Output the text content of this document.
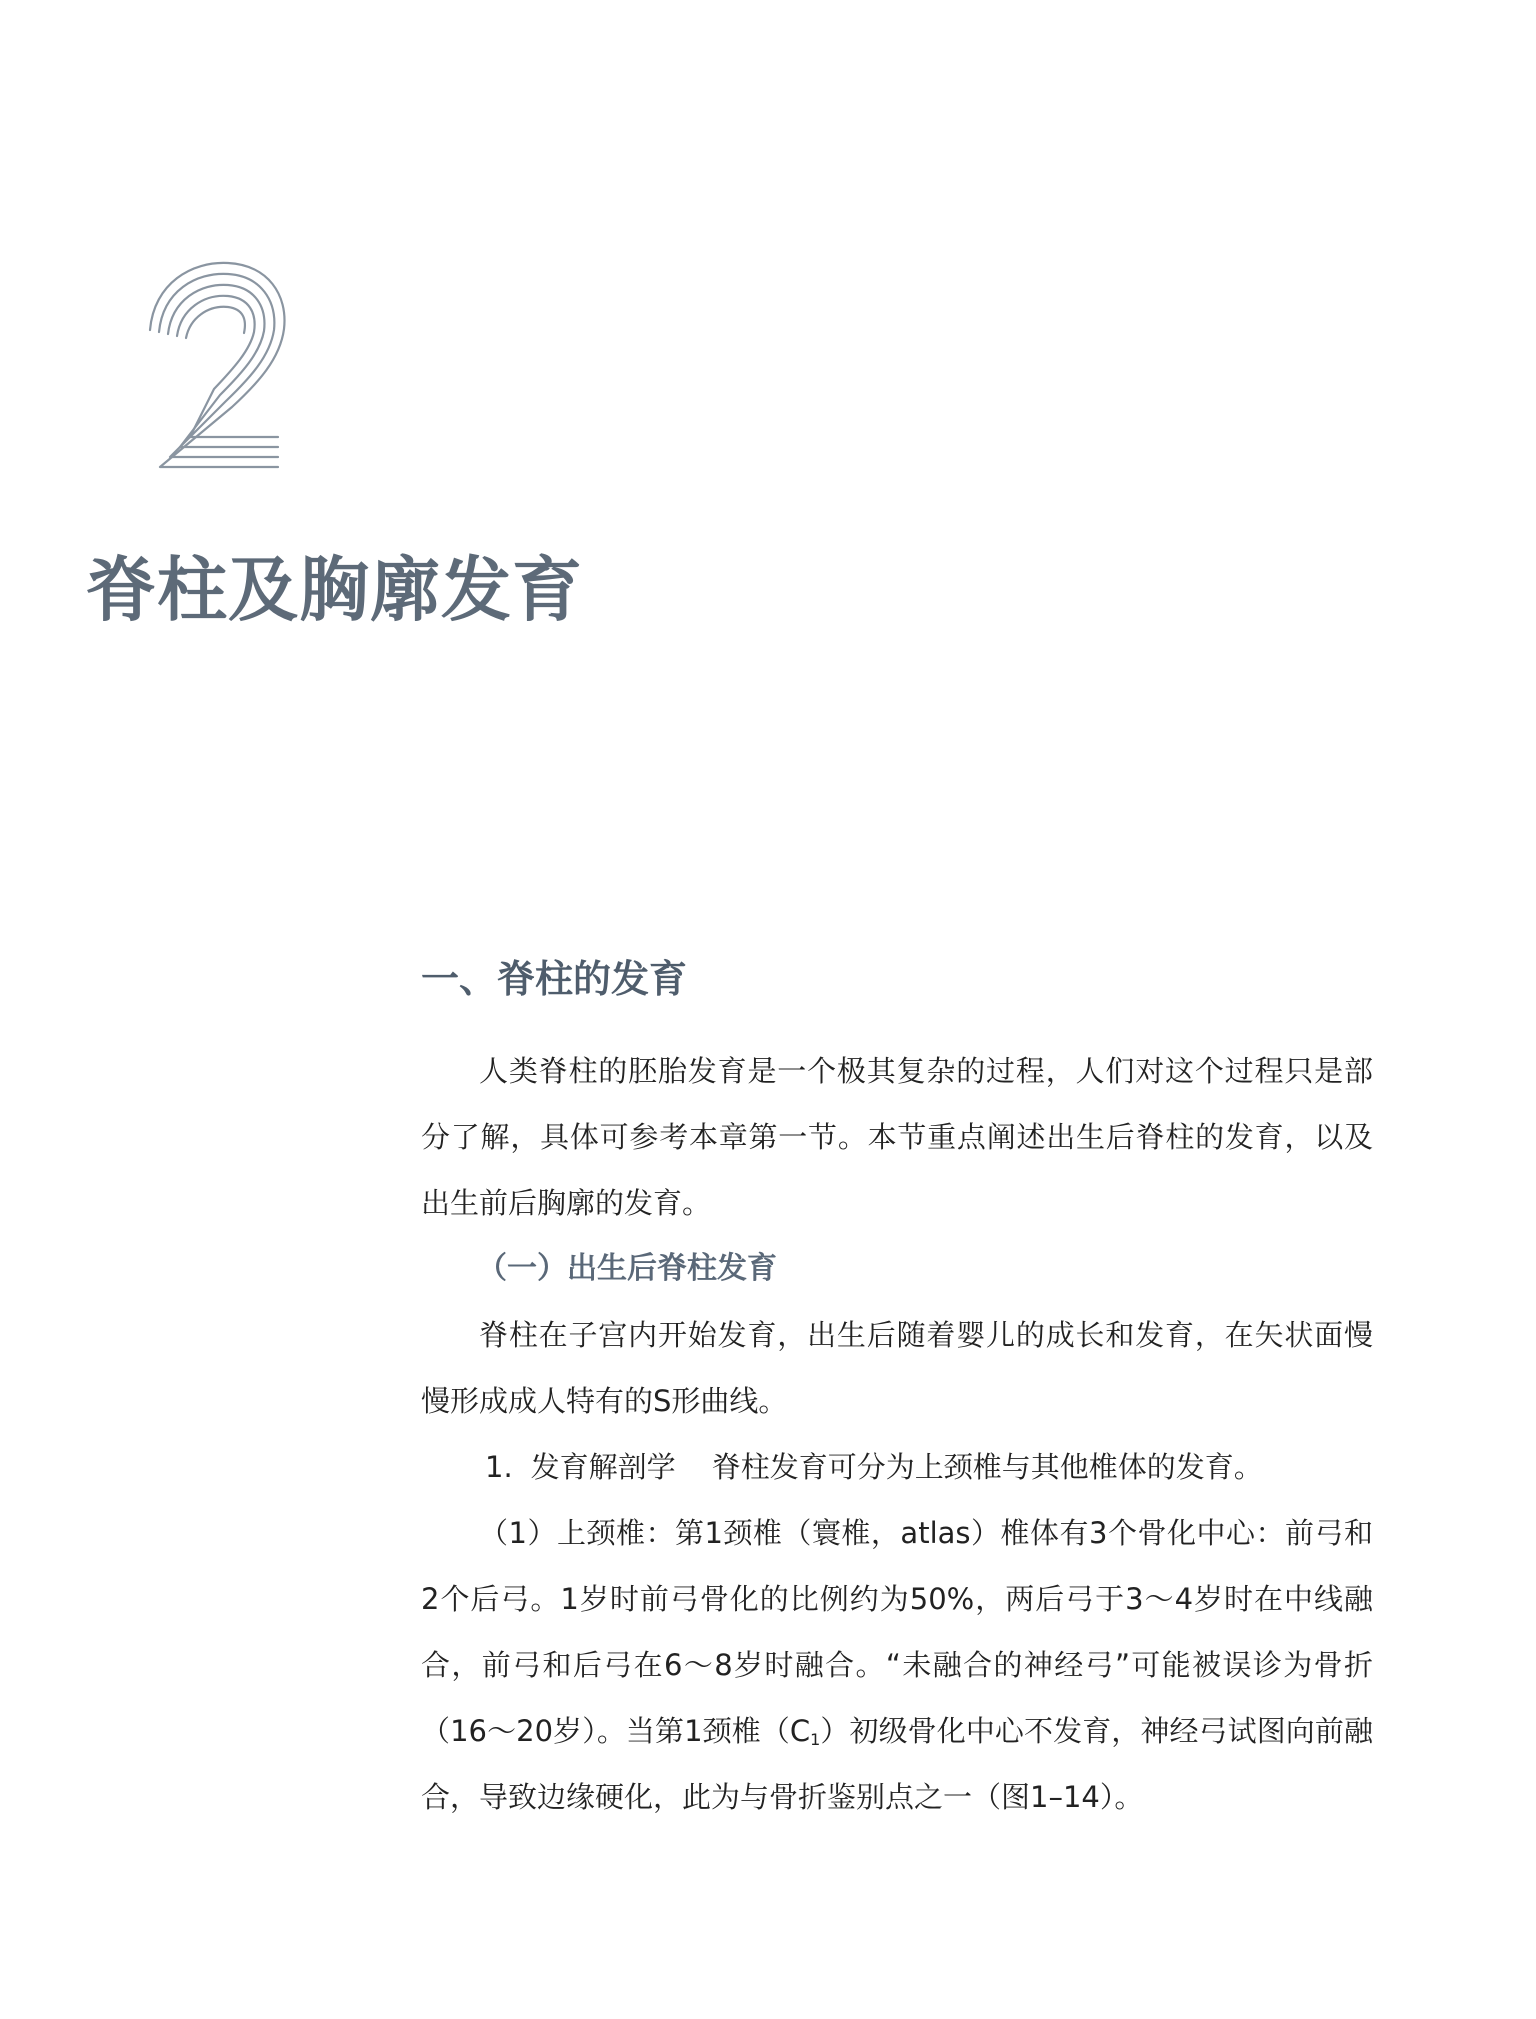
脊柱及胸廓发育
一、脊柱的发育

人类脊柱的胚胎发育是一个极其复杂的过程，人们对这个过程只是部分了解，具体可参考本章第一节。本节重点阐述出生后脊柱的发育，以及出生前后胸廓的发育。

（一）出生后脊柱发育

脊柱在子宫内开始发育，出生后随着婴儿的成长和发育，在矢状面慢慢形成成人特有的S形曲线。

1. 发育解剖学 脊柱发育可分为上颈椎与其他椎体的发育。

（1）上颈椎：第1颈椎（寰椎，atlas）椎体有3个骨化中心：前弓和2个后弓。1岁时前弓骨化的比例约为50%，两后弓于3～4岁时在中线融合，前弓和后弓在6～8岁时融合。“未融合的神经弓”可能被误诊为骨折（16～20岁）。当第1颈椎$(C_1)$初级骨化中心不发育，神经弓试图向前融合，导致边缘硬化，此为与骨折鉴别点之一（图1–14）。
